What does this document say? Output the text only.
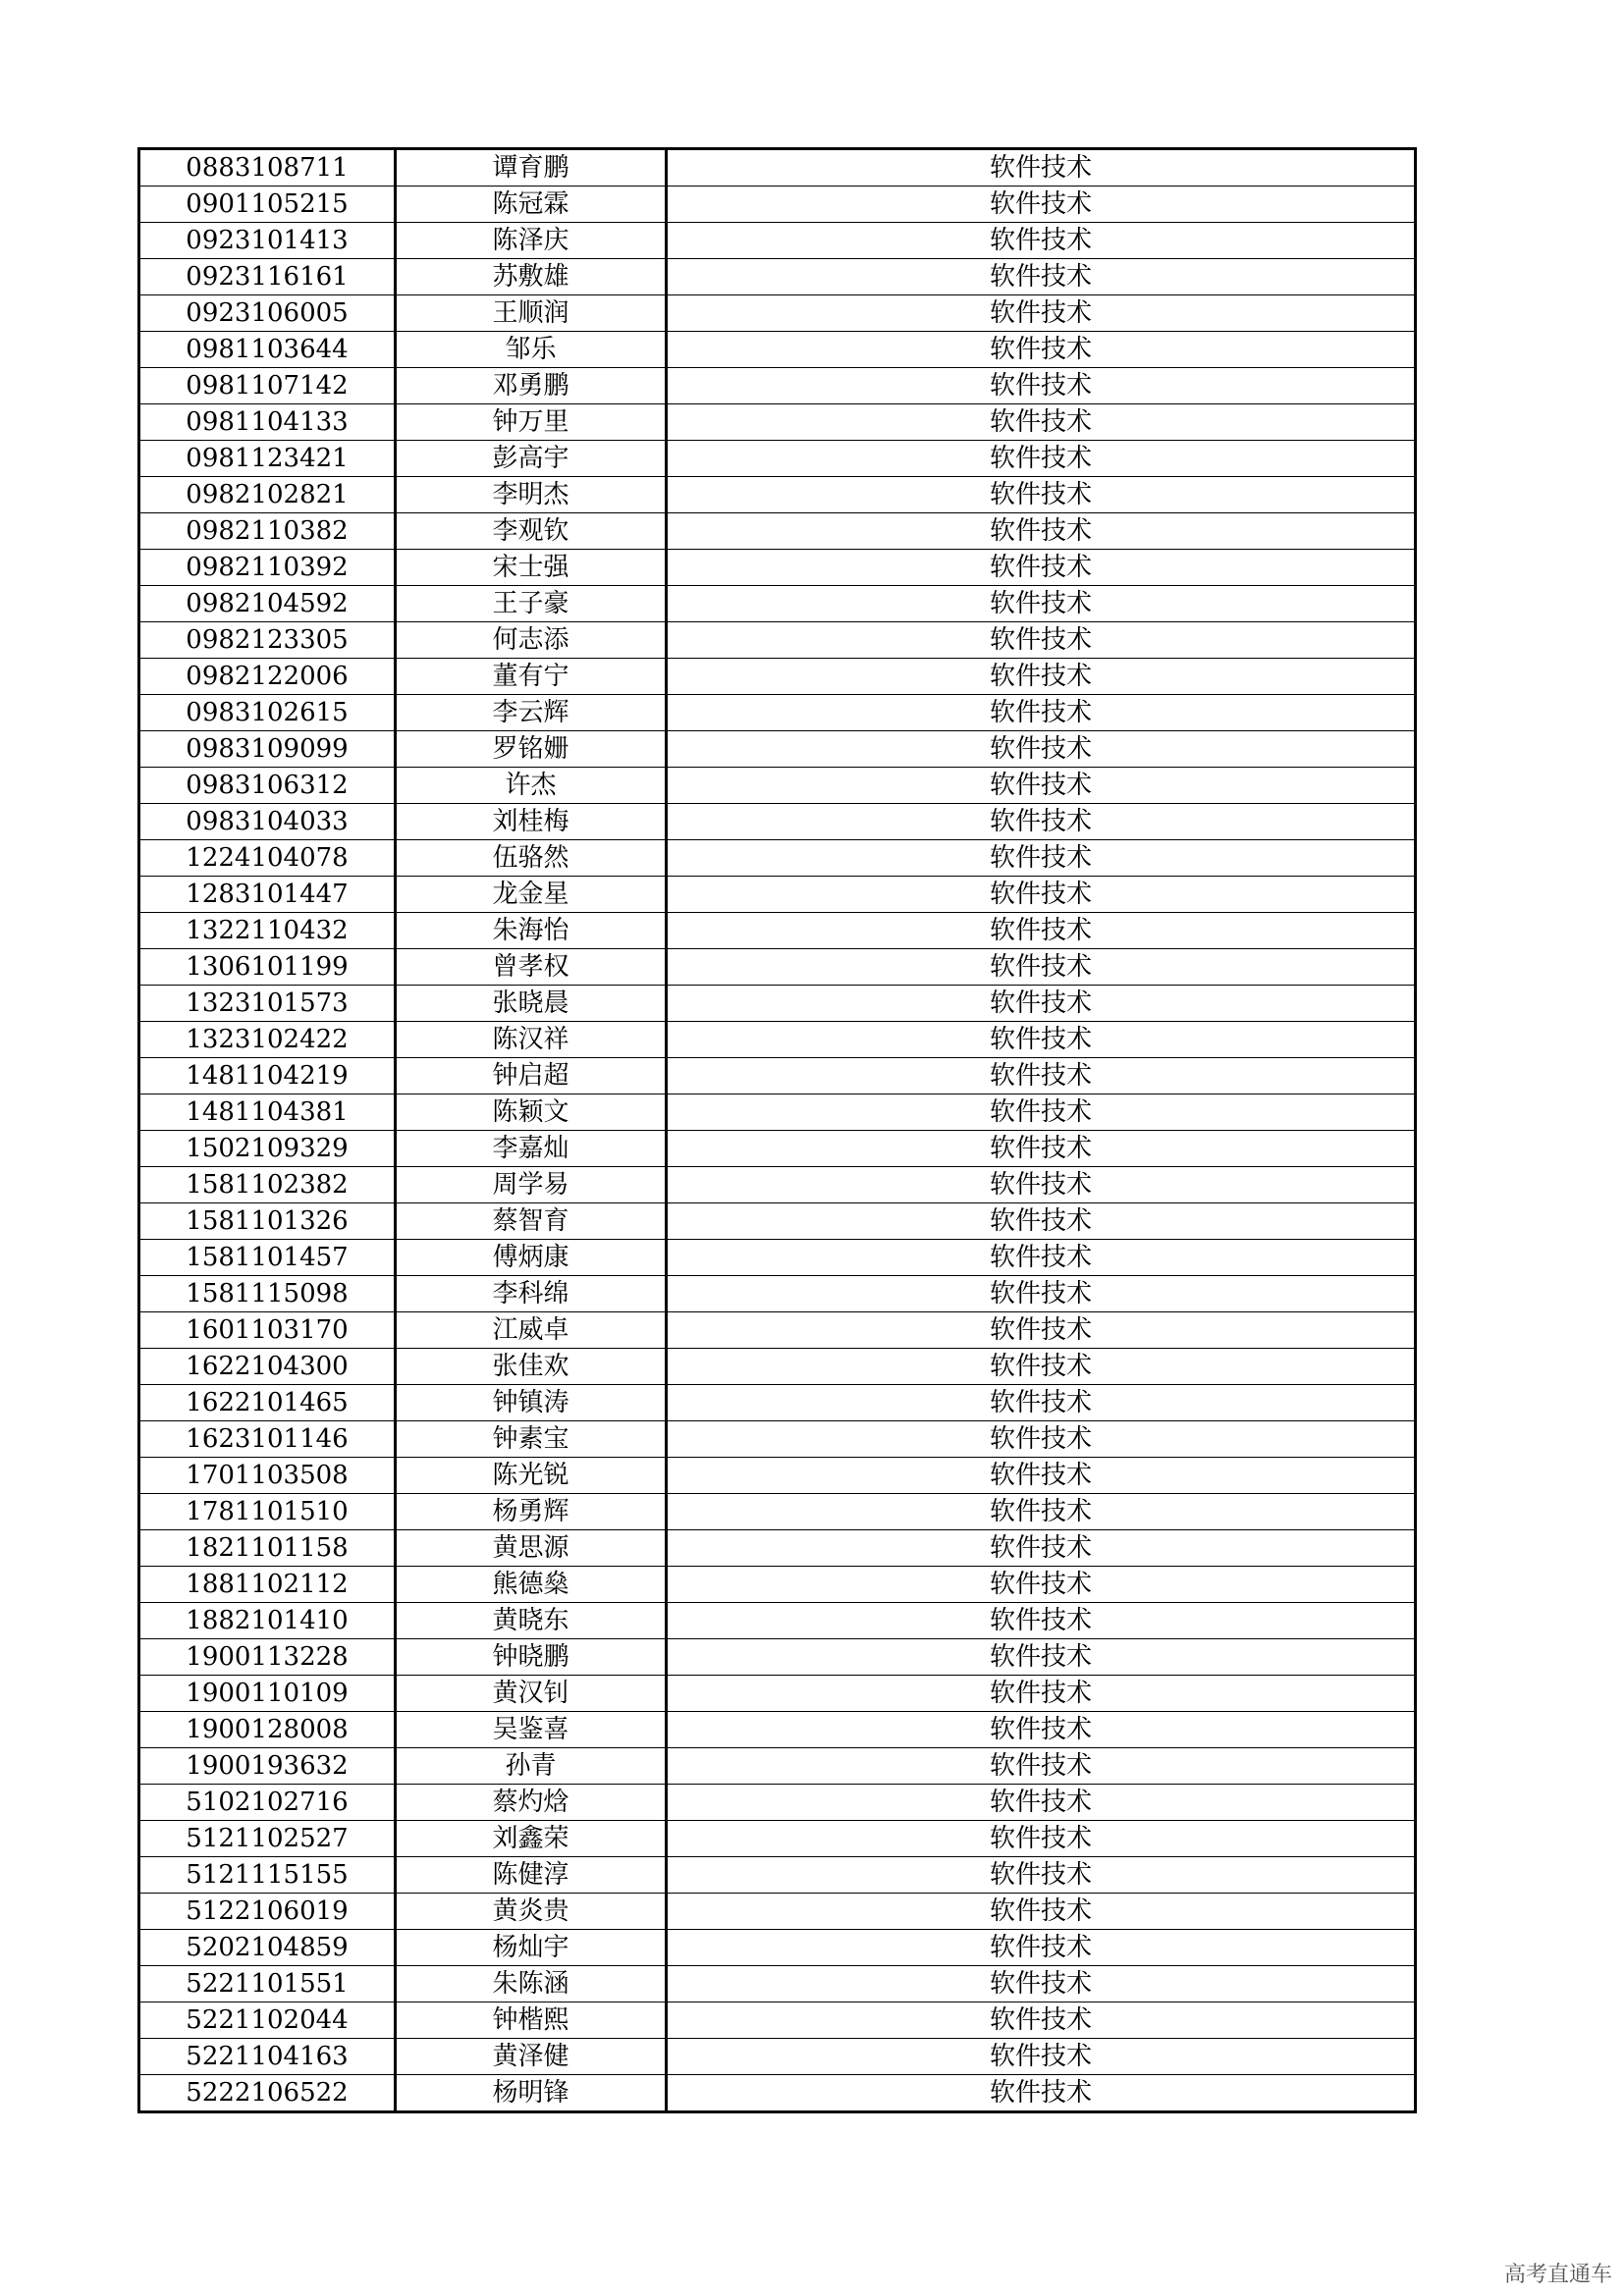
0883108711	谭育鹏	软件技术
0901105215	陈冠霖	软件技术
0923101413	陈泽庆	软件技术
0923116161	苏敷雄	软件技术
0923106005	王顺润	软件技术
0981103644	邹乐	软件技术
0981107142	邓勇鹏	软件技术
0981104133	钟万里	软件技术
0981123421	彭高宇	软件技术
0982102821	李明杰	软件技术
0982110382	李观钦	软件技术
0982110392	宋士强	软件技术
0982104592	王子豪	软件技术
0982123305	何志添	软件技术
0982122006	董有宁	软件技术
0983102615	李云辉	软件技术
0983109099	罗铭姗	软件技术
0983106312	许杰	软件技术
0983104033	刘桂梅	软件技术
1224104078	伍骆然	软件技术
1283101447	龙金星	软件技术
1322110432	朱海怡	软件技术
1306101199	曾孝权	软件技术
1323101573	张晓晨	软件技术
1323102422	陈汉祥	软件技术
1481104219	钟启超	软件技术
1481104381	陈颖文	软件技术
1502109329	李嘉灿	软件技术
1581102382	周学易	软件技术
1581101326	蔡智育	软件技术
1581101457	傅炳康	软件技术
1581115098	李科绵	软件技术
1601103170	江威卓	软件技术
1622104300	张佳欢	软件技术
1622101465	钟镇涛	软件技术
1623101146	钟素宝	软件技术
1701103508	陈光锐	软件技术
1781101510	杨勇辉	软件技术
1821101158	黄思源	软件技术
1881102112	熊德燊	软件技术
1882101410	黄晓东	软件技术
1900113228	钟晓鹏	软件技术
1900110109	黄汉钊	软件技术
1900128008	吴鉴喜	软件技术
1900193632	孙青	软件技术
5102102716	蔡灼焓	软件技术
5121102527	刘鑫荣	软件技术
5121115155	陈健淳	软件技术
5122106019	黄炎贵	软件技术
5202104859	杨灿宇	软件技术
5221101551	朱陈涵	软件技术
5221102044	钟楷熙	软件技术
5221104163	黄泽健	软件技术
5222106522	杨明锋	软件技术
高考直通车
